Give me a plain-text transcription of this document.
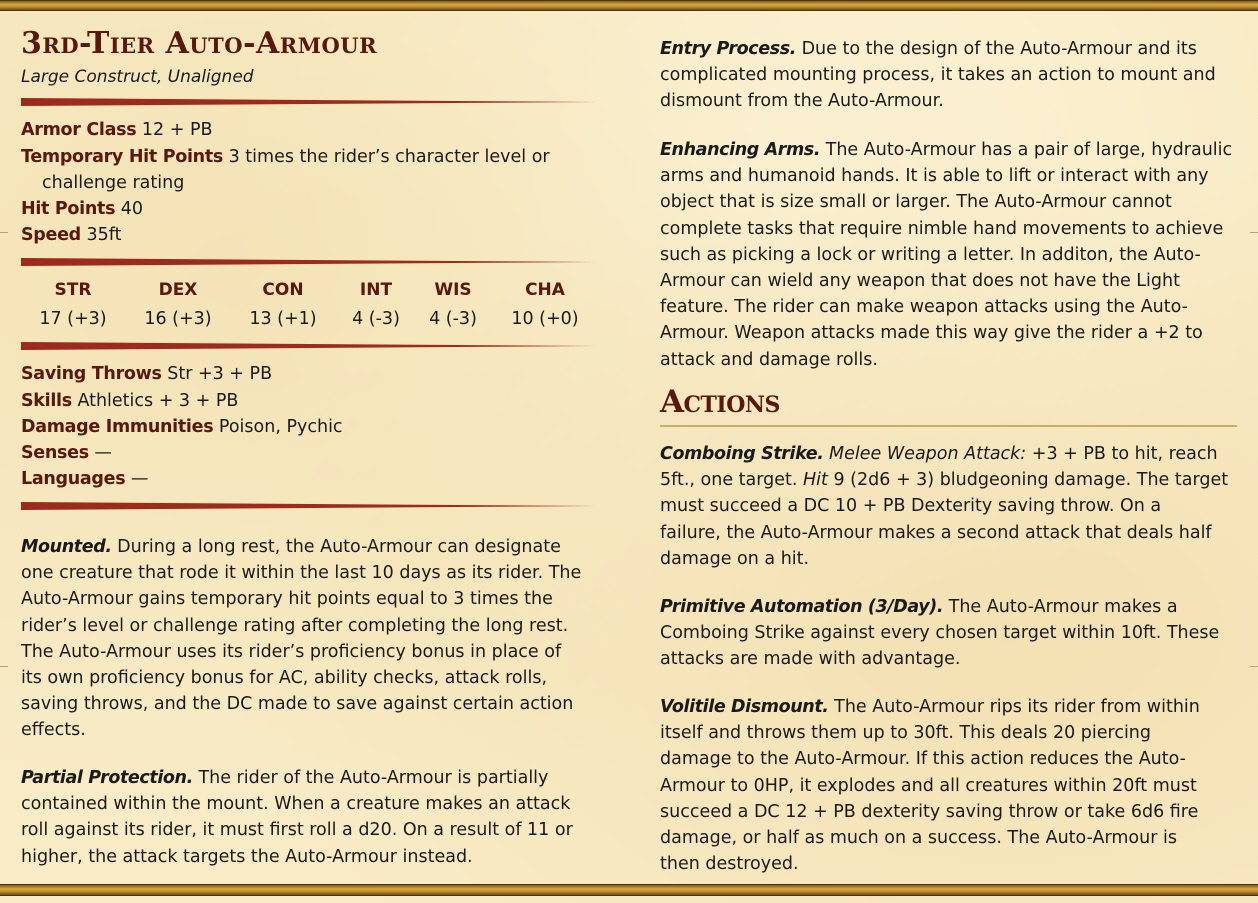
3rd-Tier Auto-Armour
Large Construct, Unaligned
Armor Class 12 + PB
Temporary Hit Points 3 times the rider’s character level or
challenge rating
Hit Points 40
Speed 35ft
STR
17 (+3)
DEX
16 (+3)
CON
13 (+1)
INT
4 (-3)
WIS
4 (-3)
CHA
10 (+0)
Saving Throws Str +3 + PB
Skills Athletics + 3 + PB
Damage Immunities Poison, Pychic
Senses —
Languages —
Mounted. During a long rest, the Auto-Armour can designate
one creature that rode it within the last 10 days as its rider. The
Auto-Armour gains temporary hit points equal to 3 times the
rider’s level or challenge rating after completing the long rest.
The Auto-Armour uses its rider’s proficiency bonus in place of
its own proficiency bonus for AC, ability checks, attack rolls,
saving throws, and the DC made to save against certain action
effects.
Partial Protection. The rider of the Auto-Armour is partially
contained within the mount. When a creature makes an attack
roll against its rider, it must first roll a d20. On a result of 11 or
higher, the attack targets the Auto-Armour instead.
Entry Process. Due to the design of the Auto-Armour and its
complicated mounting process, it takes an action to mount and
dismount from the Auto-Armour.
Enhancing Arms. The Auto-Armour has a pair of large, hydraulic
arms and humanoid hands. It is able to lift or interact with any
object that is size small or larger. The Auto-Armour cannot
complete tasks that require nimble hand movements to achieve
such as picking a lock or writing a letter. In additon, the Auto-
Armour can wield any weapon that does not have the Light
feature. The rider can make weapon attacks using the Auto-
Armour. Weapon attacks made this way give the rider a +2 to
attack and damage rolls.
Actions
Comboing Strike. Melee Weapon Attack: +3 + PB to hit, reach
5ft., one target. Hit 9 (2d6 + 3) bludgeoning damage. The target
must succeed a DC 10 + PB Dexterity saving throw. On a
failure, the Auto-Armour makes a second attack that deals half
damage on a hit.
Primitive Automation (3/Day). The Auto-Armour makes a
Comboing Strike against every chosen target within 10ft. These
attacks are made with advantage.
Volitile Dismount. The Auto-Armour rips its rider from within
itself and throws them up to 30ft. This deals 20 piercing
damage to the Auto-Armour. If this action reduces the Auto-
Armour to 0HP, it explodes and all creatures within 20ft must
succeed a DC 12 + PB dexterity saving throw or take 6d6 fire
damage, or half as much on a success. The Auto-Armour is
then destroyed.
